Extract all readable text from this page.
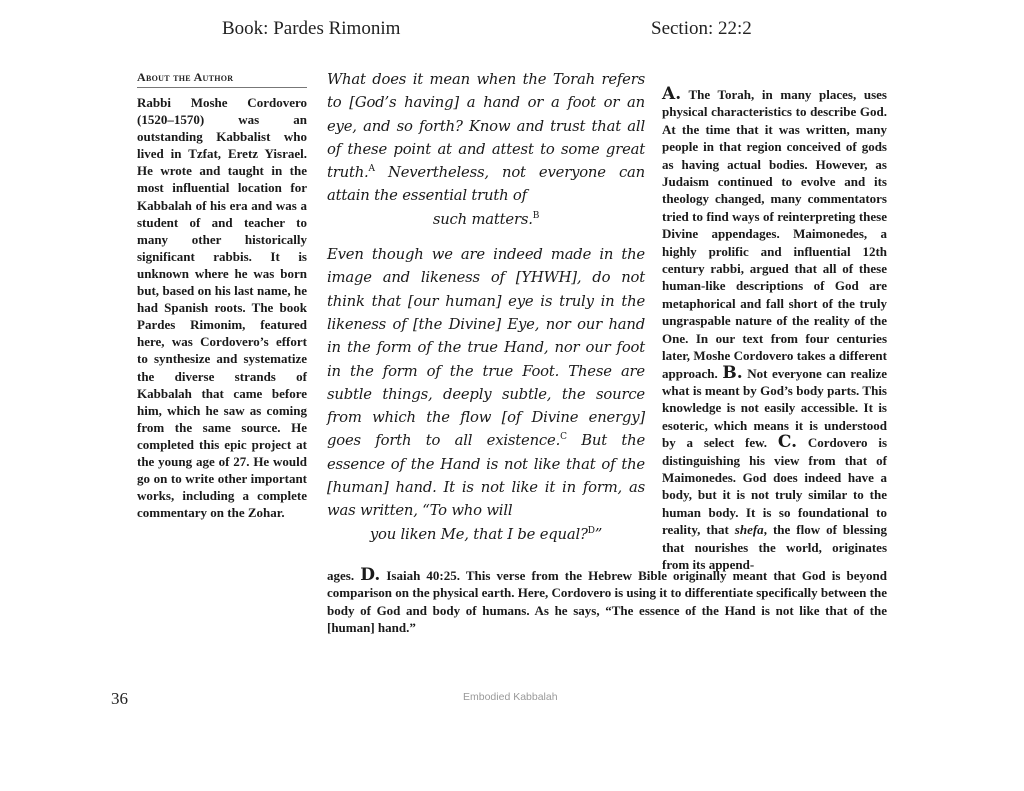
Book: Pardes Rimonim	Section: 22:2
About the Author
Rabbi Moshe Cordovero (1520–1570) was an outstanding Kabbalist who lived in Tzfat, Eretz Yisrael. He wrote and taught in the most influential location for Kabbalah of his era and was a student of and teacher to many other historically significant rabbis. It is unknown where he was born but, based on his last name, he had Spanish roots. The book Pardes Rimonim, featured here, was Cordovero’s effort to synthesize and systematize the diverse strands of Kabbalah that came before him, which he saw as coming from the same source. He completed this epic project at the young age of 27. He would go on to write other important works, including a complete commentary on the Zohar.

What does it mean when the Torah refers to [God’s having] a hand or a foot or an eye, and so forth? Know and trust that all of these point at and attest to some great truth.$^A$ Nevertheless, not everyone can attain the essential truth of
such matters.$^B$

Even though we are indeed made in the image and likeness of [YHWH], do not think that [our human] eye is truly in the likeness of [the Divine] Eye, nor our hand in the form of the true Hand, nor our foot in the form of the true Foot. These are subtle things, deeply subtle, the source from which the flow [of Divine energy] goes forth to all existence.$^C$ But the essence of the Hand is not like that of the [human] hand. It is not like it in form, as was written, “To who will
you liken Me, that I be equal?$^D$”

A. The Torah, in many places, uses physical characteristics to describe God. At the time that it was written, many people in that region conceived of gods as having actual bodies. However, as Judaism continued to evolve and its theology changed, many commentators tried to find ways of reinterpreting these Divine appendages. Maimonedes, a highly prolific and influential 12th century rabbi, argued that all of these human-like descriptions of God are metaphorical and fall short of the truly ungraspable nature of the reality of the One. In our text from four centuries later, Moshe Cordovero takes a different approach. B. Not everyone can realize what is meant by God’s body parts. This knowledge is not easily accessible. It is esoteric, which means it is understood by a select few. C. Cordovero is distinguishing his view from that of Maimonedes. God does indeed have a body, but it is not truly similar to the human body. It is so foundational to reality, that shefa, the flow of blessing that nourishes the world, originates from its append-
ages. D. Isaiah 40:25. This verse from the Hebrew Bible originally meant that God is beyond comparison on the physical earth. Here, Cordovero is using it to differentiate specifically between the body of God and body of humans. As he says, “The essence of the Hand is not like that of the [human] hand.”
36	Embodied Kabbalah
